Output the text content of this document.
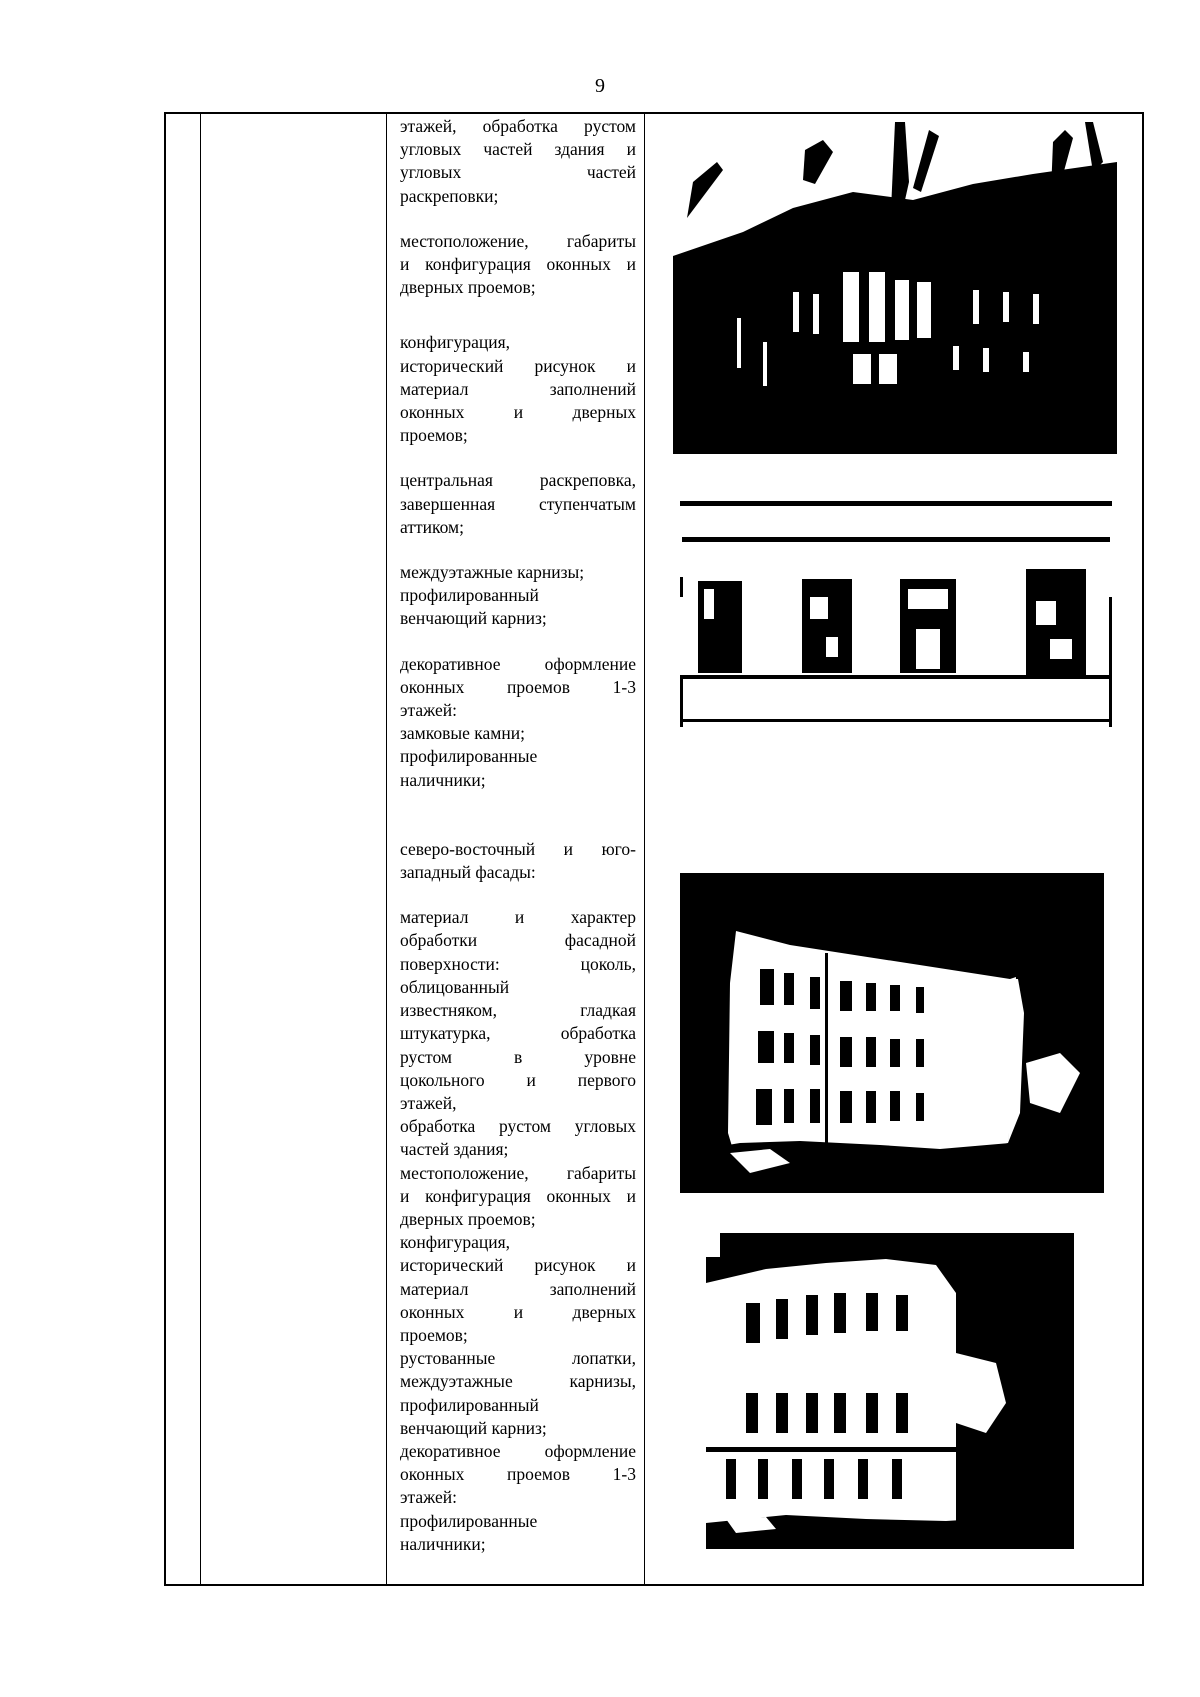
9
этажей, обработка рустом
угловых частей здания и
угловых частей
раскреповки;
местоположение, габариты
и конфигурация оконных и
дверных проемов;
конфигурация,
исторический рисунок и
материал заполнений
оконных и дверных
проемов;
центральная раскреповка,
завершенная ступенчатым
аттиком;
междуэтажные карнизы;
профилированный
венчающий карниз;
декоративное оформление
оконных проемов 1-3
этажей:
замковые камни;
профилированные
наличники;
северо-восточный и юго-
западный фасады:
материал и характер
обработки фасадной
поверхности: цоколь,
облицованный
известняком, гладкая
штукатурка, обработка
рустом в уровне
цокольного и первого
этажей,
обработка рустом угловых
частей здания;
местоположение, габариты
и конфигурация оконных и
дверных проемов;
конфигурация,
исторический рисунок и
материал заполнений
оконных и дверных
проемов;
рустованные лопатки,
междуэтажные карнизы,
профилированный
венчающий карниз;
декоративное оформление
оконных проемов 1-3
этажей:
профилированные
наличники;
